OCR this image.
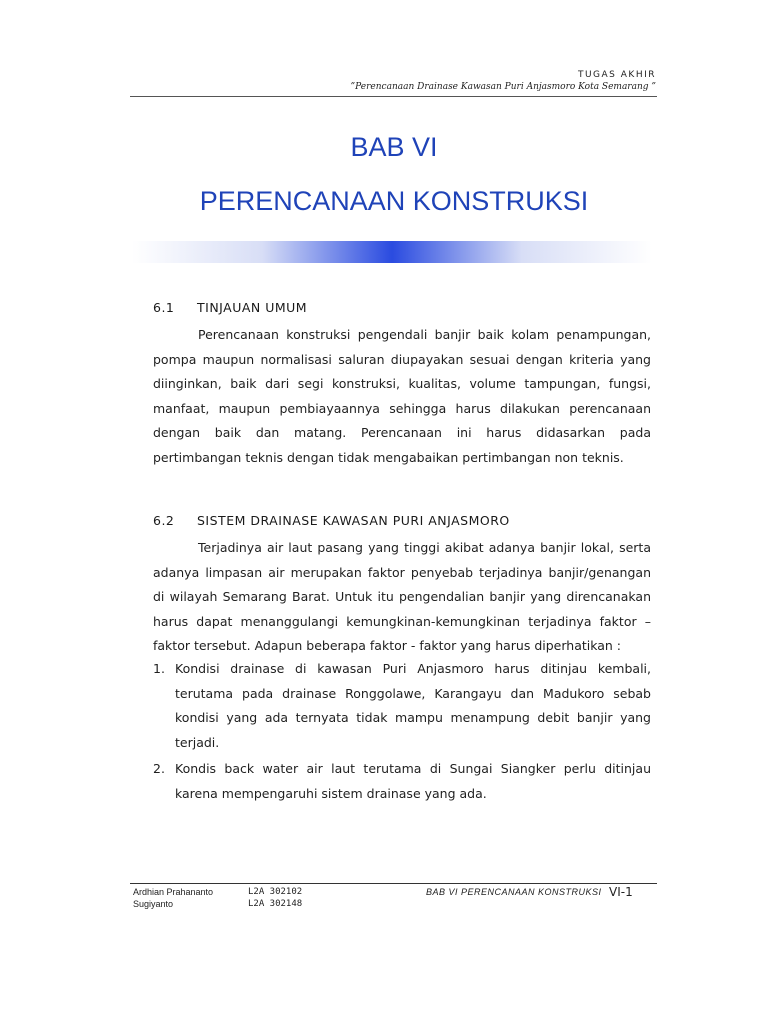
TUGAS AKHIR
”Perencanaan Drainase Kawasan Puri Anjasmoro Kota Semarang ”
BAB VI
PERENCANAAN KONSTRUKSI
6.1 TINJAUAN UMUM
Perencanaan konstruksi pengendali banjir baik kolam penampungan, pompa maupun normalisasi saluran diupayakan sesuai dengan kriteria yang diinginkan, baik dari segi konstruksi, kualitas, volume tampungan, fungsi, manfaat, maupun pembiayaannya sehingga harus dilakukan perencanaan dengan baik dan matang. Perencanaan ini harus didasarkan pada pertimbangan teknis dengan tidak mengabaikan pertimbangan non teknis.
6.2 SISTEM DRAINASE KAWASAN PURI ANJASMORO
Terjadinya air laut pasang yang tinggi akibat adanya banjir lokal, serta adanya limpasan air merupakan faktor penyebab terjadinya banjir/genangan di wilayah Semarang Barat. Untuk itu pengendalian banjir yang direncanakan harus dapat menanggulangi kemungkinan-kemungkinan terjadinya faktor –faktor tersebut. Adapun beberapa faktor - faktor yang harus diperhatikan :
1. Kondisi drainase di kawasan Puri Anjasmoro harus ditinjau kembali, terutama pada drainase Ronggolawe, Karangayu dan Madukoro sebab kondisi yang ada ternyata tidak mampu menampung debit banjir yang terjadi.
2. Kondis back water air laut terutama di Sungai Siangker perlu ditinjau karena mempengaruhi sistem drainase yang ada.
Ardhian Prahananto	L2A 302102
Sugiyanto	L2A 302148
BAB VI PERENCANAAN KONSTRUKSI VI-1
